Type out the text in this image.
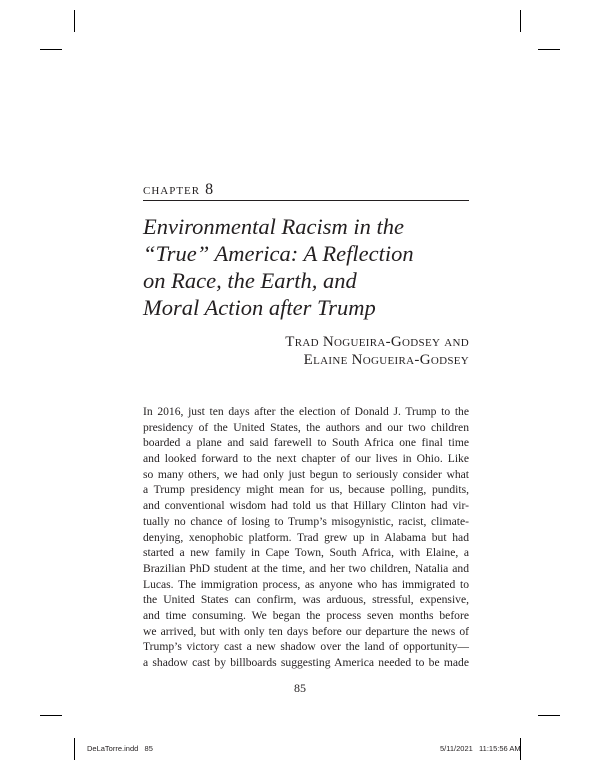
chapter 8
Environmental Racism in the
“True” America: A Reflection
on Race, the Earth, and
Moral Action after Trump
Trad Nogueira-Godsey and
Elaine Nogueira-Godsey
In 2016, just ten days after the election of Donald J. Trump to the
presidency of the United States, the authors and our two children
boarded a plane and said farewell to South Africa one final time
and looked forward to the next chapter of our lives in Ohio. Like
so many others, we had only just begun to seriously consider what
a Trump presidency might mean for us, because polling, pundits,
and conventional wisdom had told us that Hillary Clinton had vir-
tually no chance of losing to Trump’s misogynistic, racist, climate-
denying, xenophobic platform. Trad grew up in Alabama but had
started a new family in Cape Town, South Africa, with Elaine, a
Brazilian PhD student at the time, and her two children, Natalia and
Lucas. The immigration process, as anyone who has immigrated to
the United States can confirm, was arduous, stressful, expensive,
and time consuming. We began the process seven months before
we arrived, but with only ten days before our departure the news of
Trump’s victory cast a new shadow over the land of opportunity—
a shadow cast by billboards suggesting America needed to be made
85
DeLaTorre.indd   85	5/11/2021   11:15:56 AM
